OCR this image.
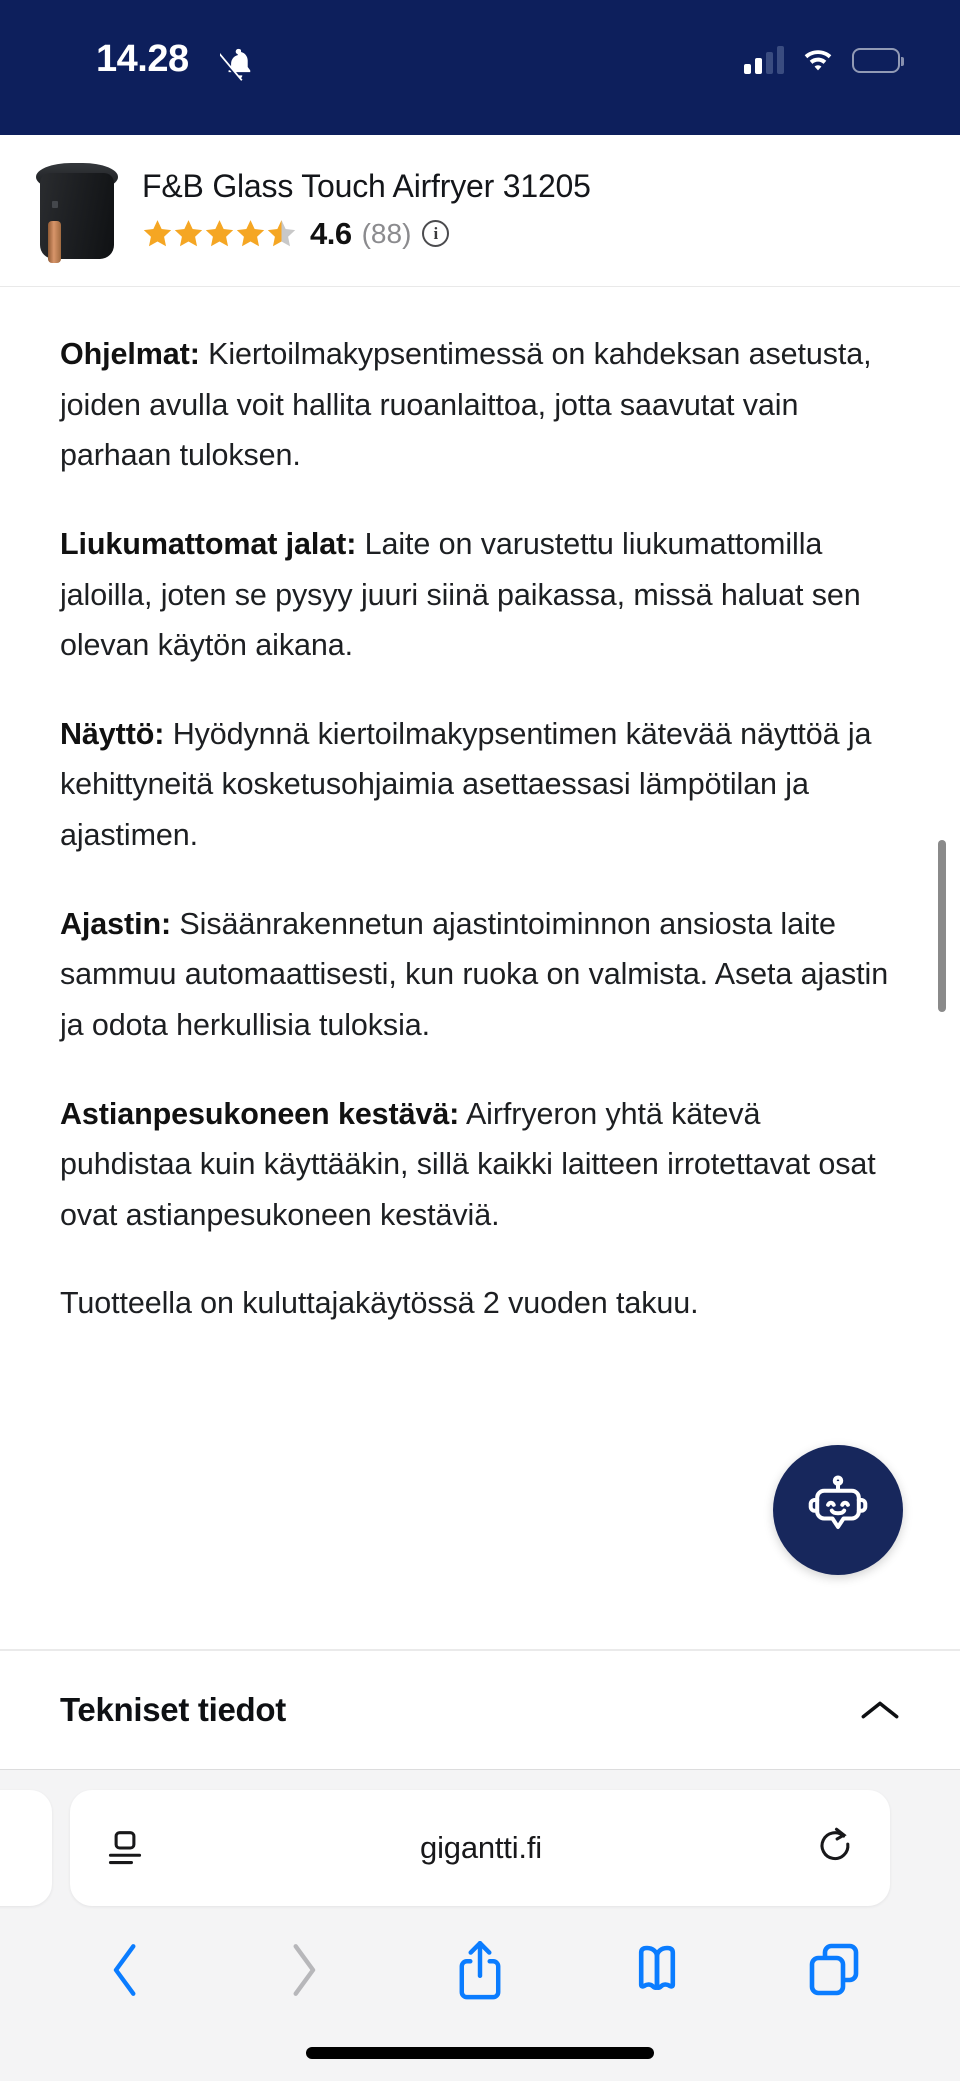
14.28
F&B Glass Touch Airfryer 31205
4.6 (88)	i

Ohjelmat: Kiertoilmakypsentimessä on kahdeksan asetusta, joiden avulla voit hallita ruoanlaittoa, jotta saavutat vain parhaan tuloksen.

Liukumattomat jalat: Laite on varustettu liukumattomilla jaloilla, joten se pysyy juuri siinä paikassa, missä haluat sen olevan käytön aikana.

Näyttö: Hyödynnä kiertoilmakypsentimen kätevää näyttöä ja kehittyneitä kosketusohjaimia asettaessasi lämpötilan ja ajastimen.

Ajastin: Sisäänrakennetun ajastintoiminnon ansiosta laite sammuu automaattisesti, kun ruoka on valmista. Aseta ajastin ja odota herkullisia tuloksia.

Astianpesukoneen kestävä: Airfryeron yhtä kätevä puhdistaa kuin käyttääkin, sillä kaikki laitteen irrotettavat osat ovat astianpesukoneen kestäviä.

Tuotteella on kuluttajakäytössä 2 vuoden takuu.

Tekniset tiedot
gigantti.fi
